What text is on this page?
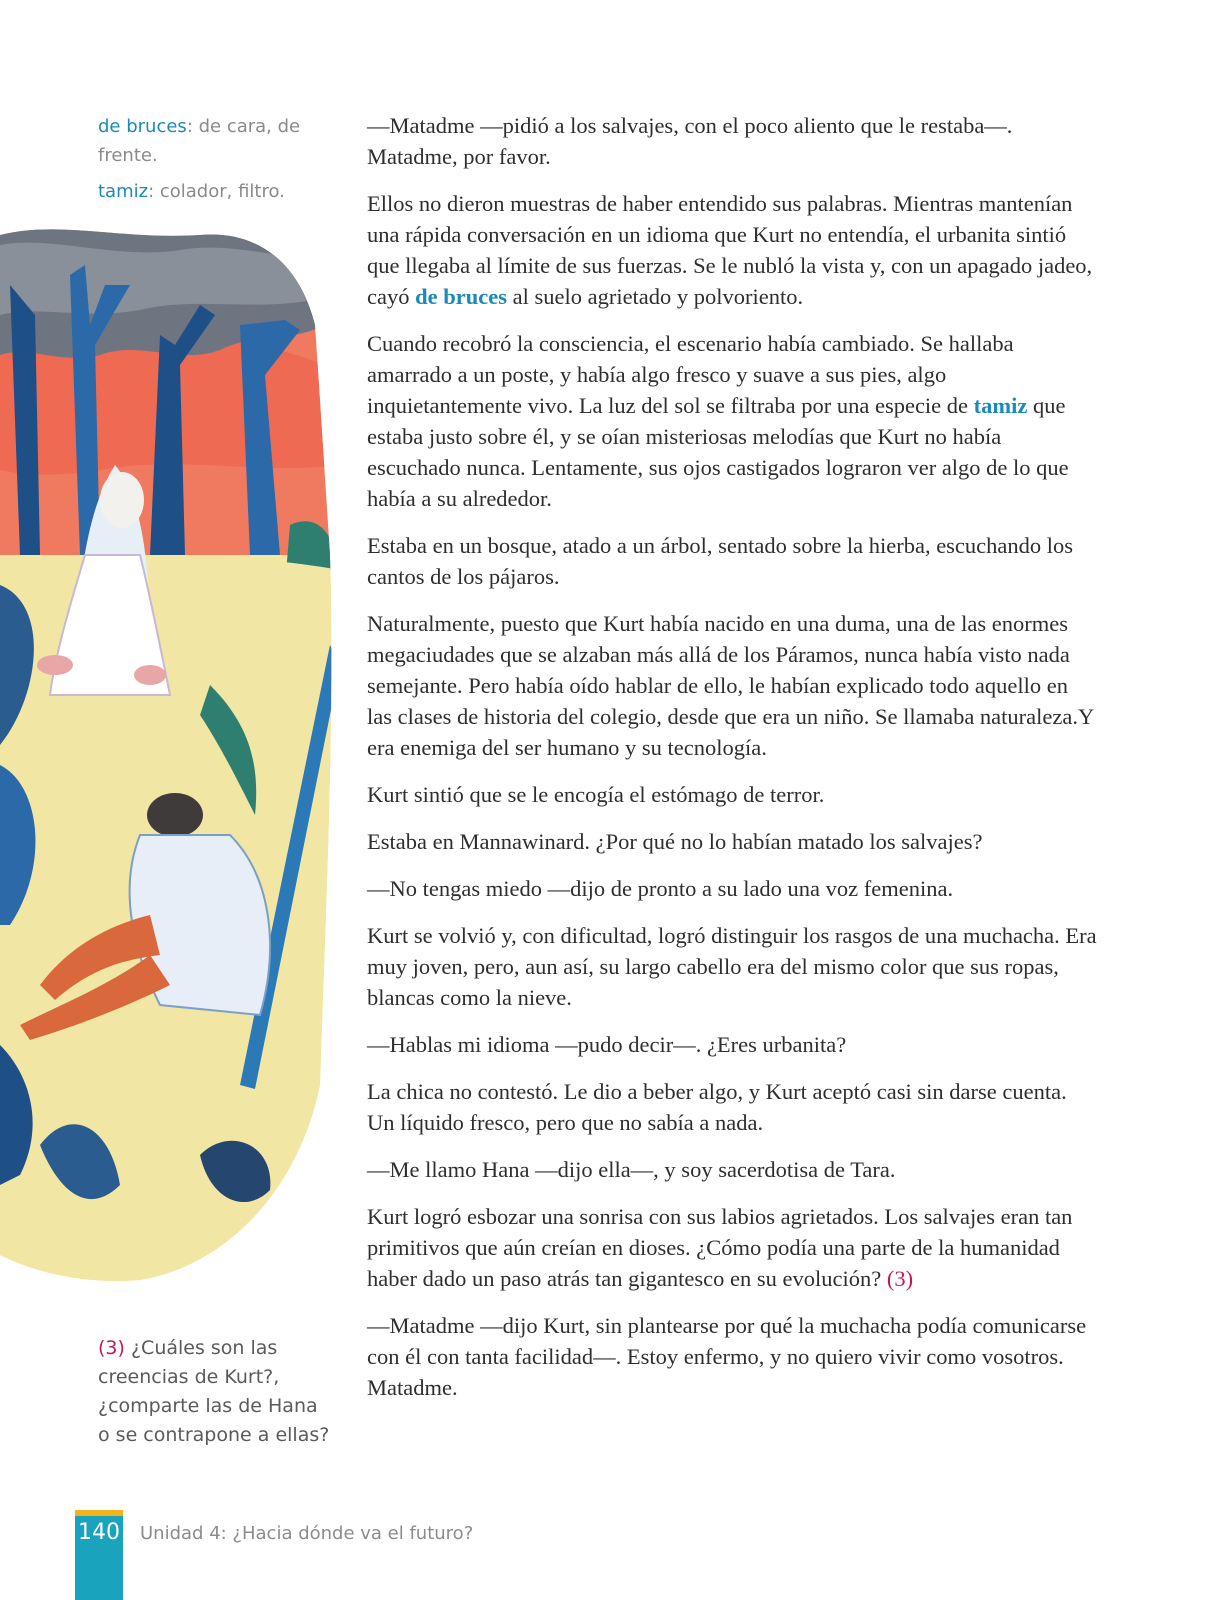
de bruces: de cara, de frente.
tamiz: colador, filtro.
(3) ¿Cuáles son las creencias de Kurt?, ¿comparte las de Hana o se contrapone a ellas?

—Matadme —pidió a los salvajes, con el poco aliento que le restaba—. Matadme, por favor.

Ellos no dieron muestras de haber entendido sus palabras. Mientras mantenían una rápida conversación en un idioma que Kurt no entendía, el urbanita sintió que llegaba al límite de sus fuerzas. Se le nubló la vista y, con un apagado jadeo, cayó de bruces al suelo agrietado y polvoriento.

Cuando recobró la consciencia, el escenario había cambiado. Se hallaba amarrado a un poste, y había algo fresco y suave a sus pies, algo inquietantemente vivo. La luz del sol se filtraba por una especie de tamiz que estaba justo sobre él, y se oían misteriosas melodías que Kurt no había escuchado nunca. Lentamente, sus ojos castigados lograron ver algo de lo que había a su alrededor.

Estaba en un bosque, atado a un árbol, sentado sobre la hierba, escuchando los cantos de los pájaros.

Naturalmente, puesto que Kurt había nacido en una duma, una de las enormes megaciudades que se alzaban más allá de los Páramos, nunca había visto nada semejante. Pero había oído hablar de ello, le habían explicado todo aquello en las clases de historia del colegio, desde que era un niño. Se llamaba naturaleza.Y era enemiga del ser humano y su tecnología.

Kurt sintió que se le encogía el estómago de terror.

Estaba en Mannawinard. ¿Por qué no lo habían matado los salvajes?

—No tengas miedo —dijo de pronto a su lado una voz femenina.

Kurt se volvió y, con dificultad, logró distinguir los rasgos de una muchacha. Era muy joven, pero, aun así, su largo cabello era del mismo color que sus ropas, blancas como la nieve.

—Hablas mi idioma —pudo decir—. ¿Eres urbanita?

La chica no contestó. Le dio a beber algo, y Kurt aceptó casi sin darse cuenta. Un líquido fresco, pero que no sabía a nada.

—Me llamo Hana —dijo ella—, y soy sacerdotisa de Tara.

Kurt logró esbozar una sonrisa con sus labios agrietados. Los salvajes eran tan primitivos que aún creían en dioses. ¿Cómo podía una parte de la humanidad haber dado un paso atrás tan gigantesco en su evolución? (3)

—Matadme —dijo Kurt, sin plantearse por qué la muchacha podía comunicarse con él con tanta facilidad—. Estoy enfermo, y no quiero vivir como vosotros. Matadme.

140 Unidad 4: ¿Hacia dónde va el futuro?
